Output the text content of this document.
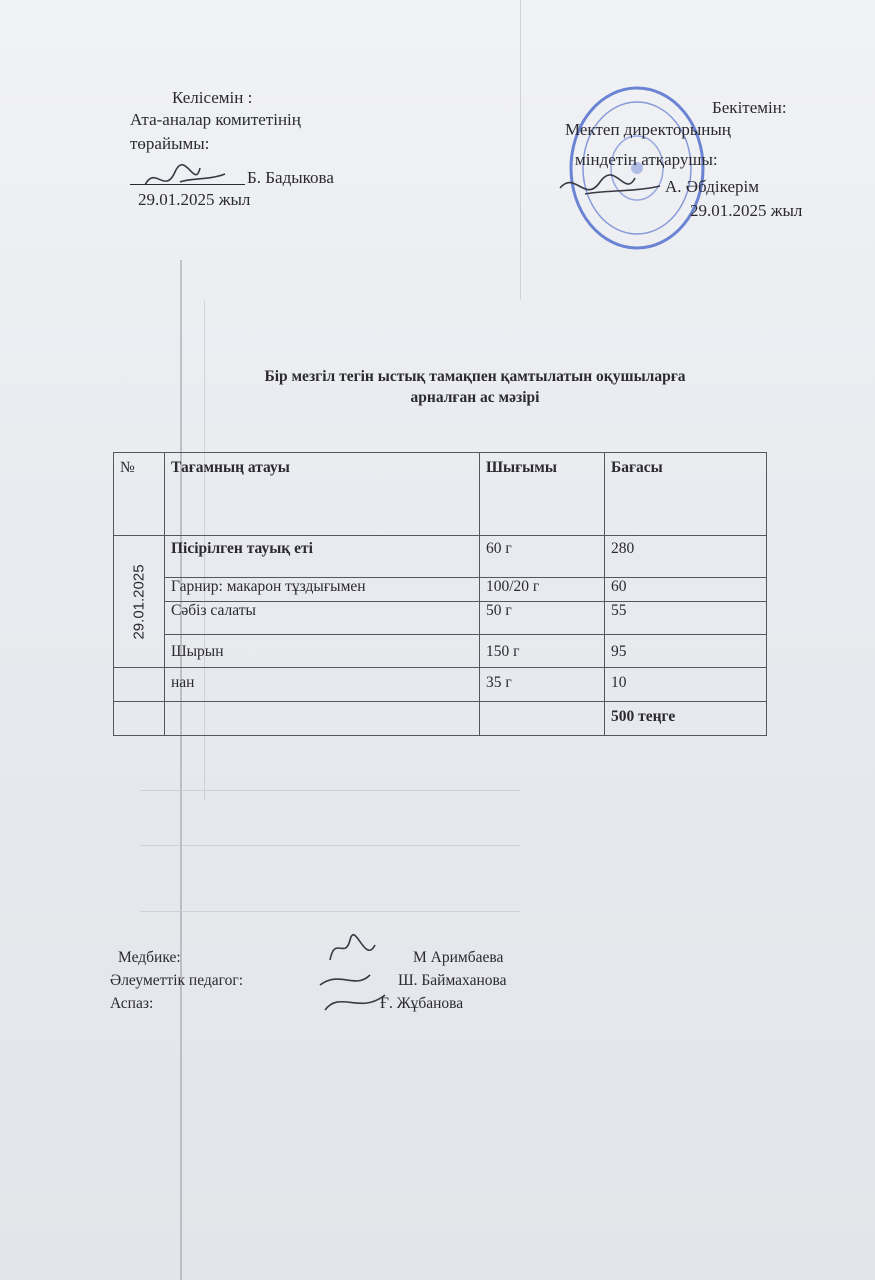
Келісемін :
Ата-аналар комитетінің
төрайымы:
Б. Бадыкова
29.01.2025 жыл
Бекітемін:
Мектеп директорының
міндетін атқарушы:
А. Әбдікерім
29.01.2025 жыл
Бір мезгіл тегін ыстық тамақпен қамтылатын оқушыларға
арналған ас мәзірі
№	Тағамның атауы	Шығымы	Бағасы

29.01.2025	Пісірілген тауық еті	60 г	280
	Гарнир: макарон тұздығымен	100/20 г	60
	Сәбіз салаты	50 г	55
	Шырын	150 г	95
	нан	35 г	10
			500 теңге
Медбике:	М Аримбаева
Әлеуметтік педагог:	Ш. Баймаханова
Аспаз:	Ғ. Жұбанова
